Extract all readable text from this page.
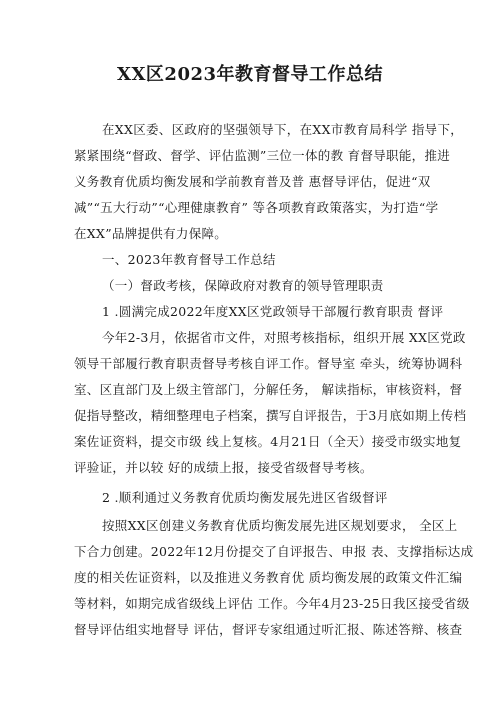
XX区2023年教育督导工作总结
在XX区委、区政府的坚强领导下，在XX市教育局科学 指导下，
紧紧围绕“督政、督学、评估监测”三位一体的教 育督导职能，推进
义务教育优质均衡发展和学前教育普及普 惠督导评估，促进“双
减”“五大行动”“心理健康教育” 等各项教育政策落实，为打造“学
在XX”品牌提供有力保障。
一、2023年教育督导工作总结
（一）督政考核，保障政府对教育的领导管理职责
1 .圆满完成2022年度XX区党政领导干部履行教育职责 督评
今年2-3月，依据省市文件，对照考核指标，组织开展 XX区党政
领导干部履行教育职责督导考核自评工作。督导室 牵头，统筹协调科
室、区直部门及上级主管部门，分解任务， 解读指标，审核资料，督
促指导整改，精细整理电子档案，撰写自评报告，于3月底如期上传档
案佐证资料，提交市级 线上复核。4月21日（全天）接受市级实地复
评验证，并以较 好的成绩上报，接受省级督导考核。
2 .顺利通过义务教育优质均衡发展先进区省级督评
按照XX区创建义务教育优质均衡发展先进区规划要求， 全区上
下合力创建。2022年12月份提交了自评报告、申报 表、支撑指标达成
度的相关佐证资料，以及推进义务教育优 质均衡发展的政策文件汇编
等材料，如期完成省级线上评估 工作。今年4月23-25日我区接受省级
督导评估组实地督导 评估，督评专家组通过听汇报、陈述答辩、核查
